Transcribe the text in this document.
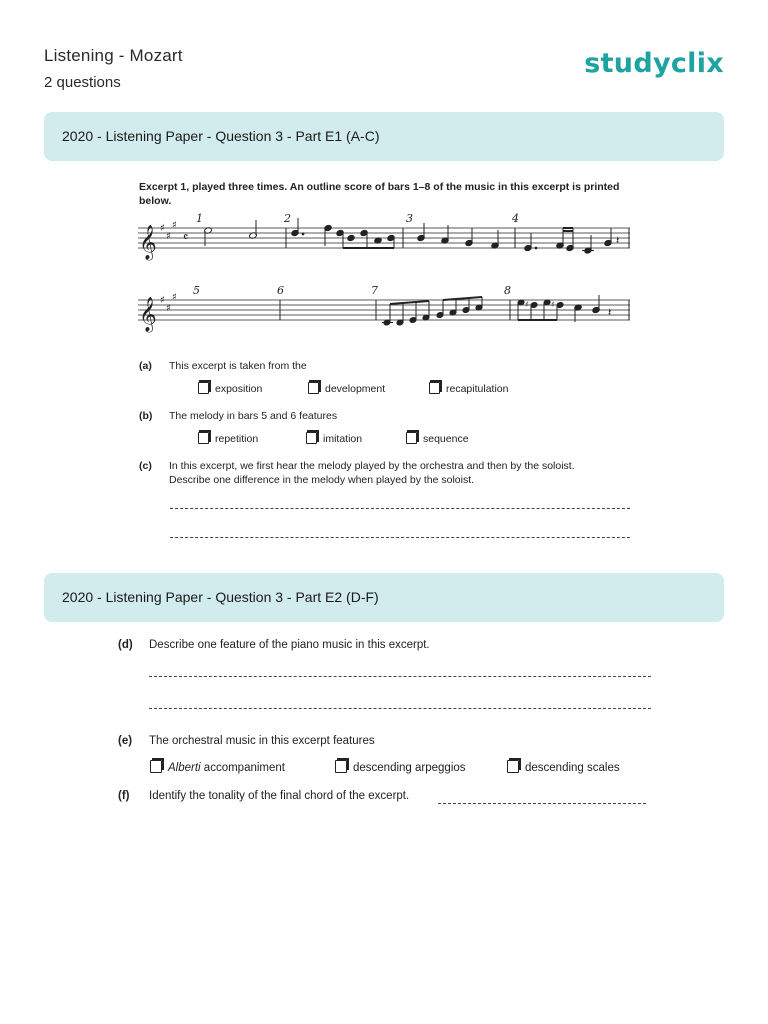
Listening - Mozart
2 questions
studyclix
2020 - Listening Paper - Question 3 - Part E1 (A-C)
Excerpt 1, played three times. An outline score of bars 1–8 of the music in this excerpt is printed
below.
𝄞 ♯
♯
♯
𝄴
1	2	3	4
𝄽
𝄞 ♯
♯
♯
5	6	7	8
♯	♯
𝄽
(a) This excerpt is taken from the
exposition	development	recapitulation
(b) The melody in bars 5 and 6 features
repetition	imitation	sequence
(c) In this excerpt, we first hear the melody played by the orchestra and then by the soloist.
Describe one difference in the melody when played by the soloist.
2020 - Listening Paper - Question 3 - Part E2 (D-F)
(d) Describe one feature of the piano music in this excerpt.
(e) The orchestral music in this excerpt features
Alberti accompaniment	descending arpeggios	descending scales
(f) Identify the tonality of the final chord of the excerpt.
